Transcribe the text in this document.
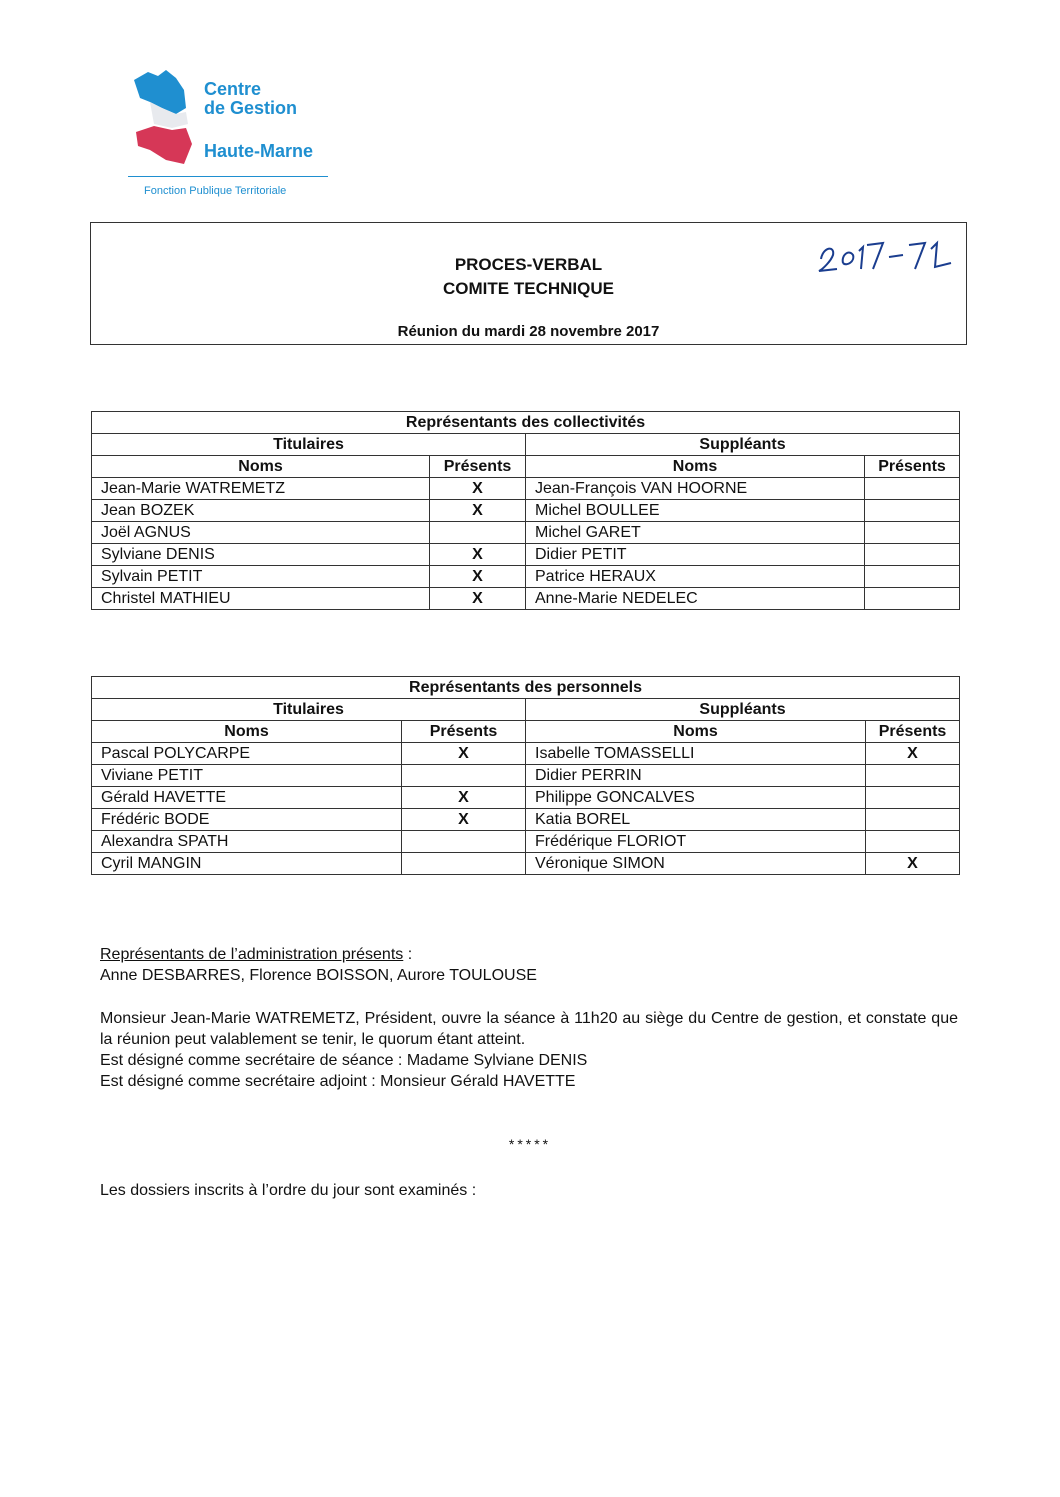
Centre
de Gestion
Haute-Marne
Fonction Publique Territoriale
PROCES-VERBAL
COMITE TECHNIQUE
Réunion du mardi 28 novembre 2017
Représentants des collectivités			
Titulaires		Suppléants	
Noms	Présents	Noms	Présents
Jean-Marie WATREMETZ	X	Jean-François VAN HOORNE	
Jean BOZEK	X	Michel BOULLEE	
Joël AGNUS		Michel GARET	
Sylviane DENIS	X	Didier PETIT	
Sylvain PETIT	X	Patrice HERAUX	
Christel MATHIEU	X	Anne-Marie NEDELEC	
Représentants des personnels			
Titulaires		Suppléants	
Noms	Présents	Noms	Présents
Pascal POLYCARPE	X	Isabelle TOMASSELLI	X
Viviane PETIT		Didier PERRIN	
Gérald HAVETTE	X	Philippe GONCALVES	
Frédéric BODE	X	Katia BOREL	
Alexandra SPATH		Frédérique FLORIOT	
Cyril MANGIN		Véronique SIMON	X
Représentants de l’administration présents :
Anne DESBARRES, Florence BOISSON, Aurore TOULOUSE
Monsieur Jean-Marie WATREMETZ, Président, ouvre la séance à 11h20 au siège du Centre de gestion, et constate que la réunion peut valablement se tenir, le quorum étant atteint.
Est désigné comme secrétaire de séance : Madame Sylviane DENIS
Est désigné comme secrétaire adjoint : Monsieur Gérald HAVETTE
*****
Les dossiers inscrits à l’ordre du jour sont examinés :
